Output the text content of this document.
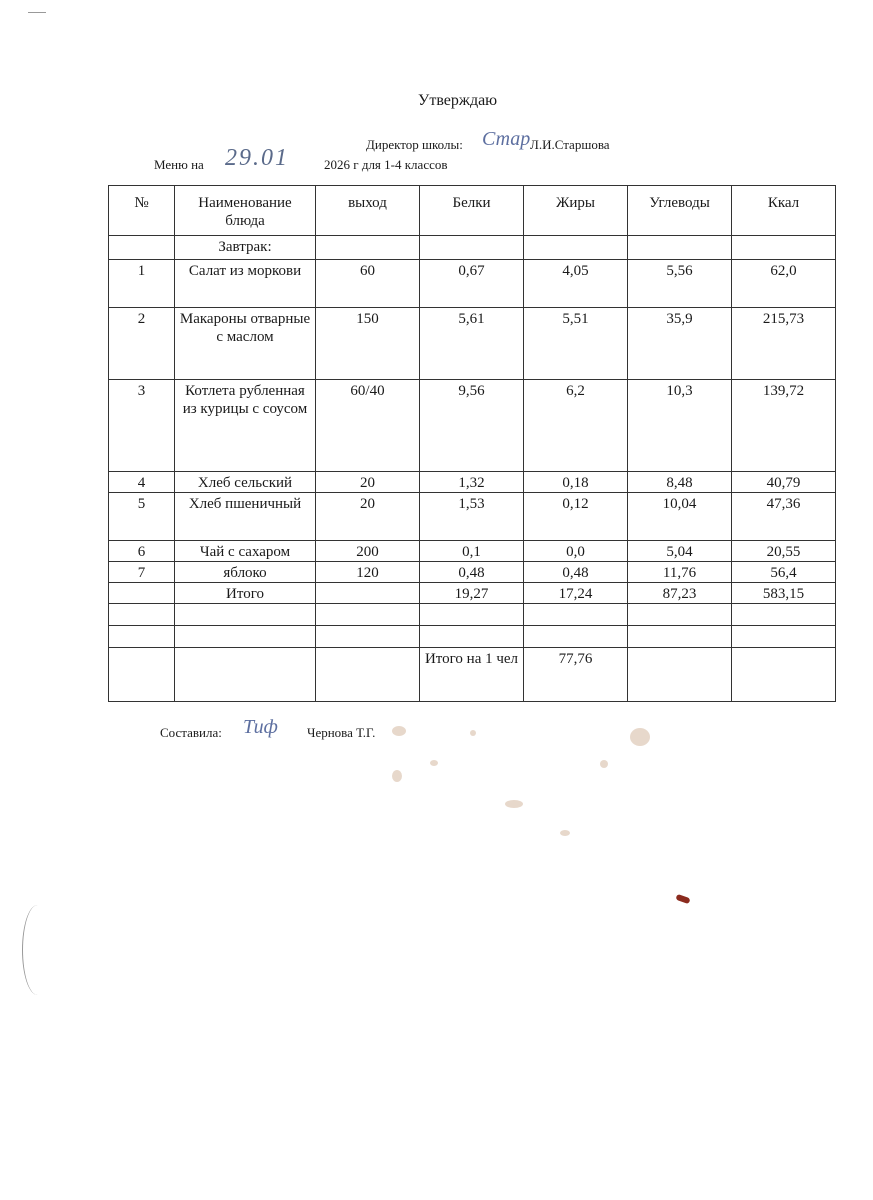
Утверждаю
Директор школы: Стар Л.И.Старшова
Меню на 29.01	2026 г для 1-4 классов
№	Наименование блюда	выход	Белки	Жиры	Углеводы	Ккал
	Завтрак:					
1	Салат из моркови	60	0,67	4,05	5,56	62,0
2	Макароны отварные с маслом	150	5,61	5,51	35,9	215,73
3	Котлета рубленная из курицы с соусом	60/40	9,56	6,2	10,3	139,72
4	Хлеб сельский	20	1,32	0,18	8,48	40,79
5	Хлеб пшеничный	20	1,53	0,12	10,04	47,36
6	Чай с сахаром	200	0,1	0,0	5,04	20,55
7	яблоко	120	0,48	0,48	11,76	56,4
	Итого		19,27	17,24	87,23	583,15

			Итого на 1 чел	77,76		
Составила: Тиф Чернова Т.Г.
